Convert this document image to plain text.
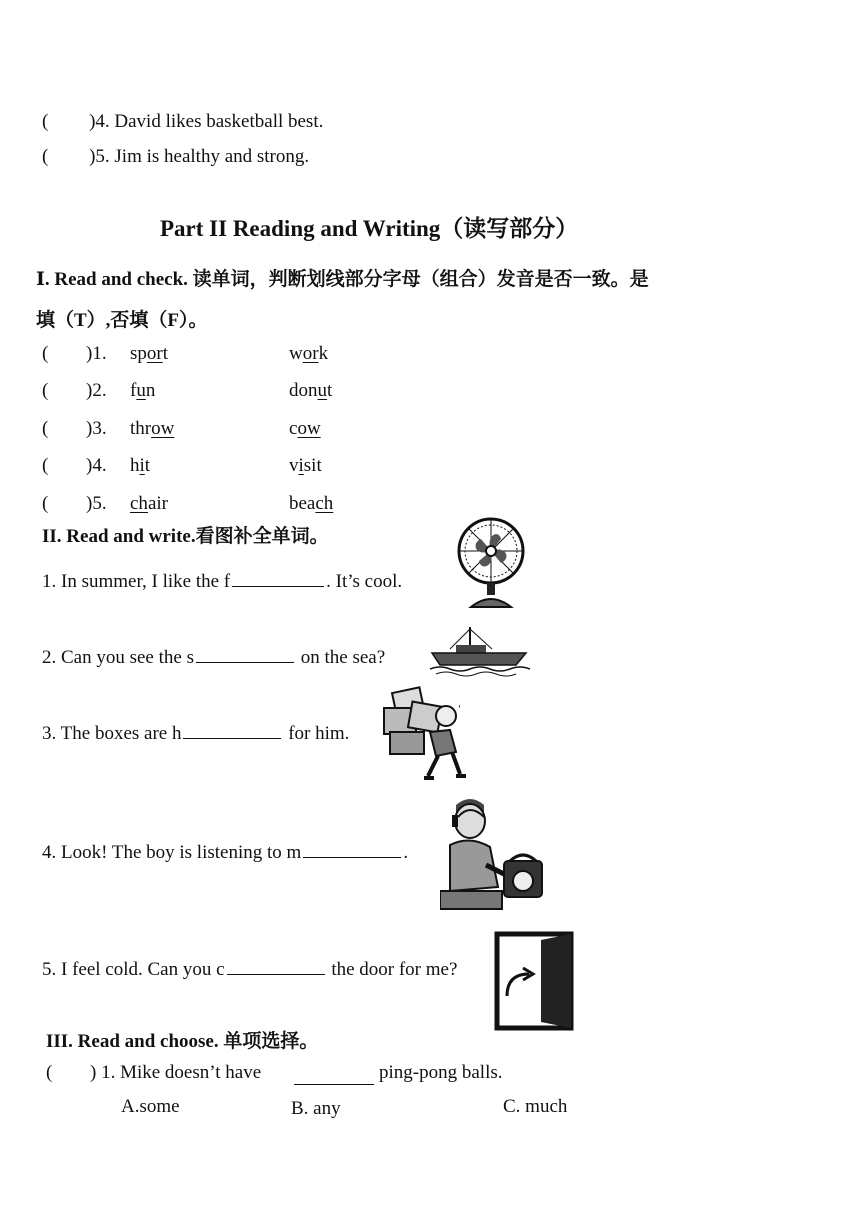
( )4. David likes basketball best.
( )5. Jim is healthy and strong.
Part II Reading and Writing（读写部分）
Ⅰ. Read and check. 读单词，判断划线部分字母（组合）发音是否一致。是
填（T）,否填（F）。
( )1. sport	work
( )2. fun	donut
( )3. throw	cow
( )4. hit	visit
( )5. chair	beach
II. Read and write.看图补全单词。
1. In summer, I like the f	. It’s cool.
2. Can you see the s	on the sea?
3. The boxes are h	for him.
'
4. Look! The boy is listening to m	.
5. I feel cold. Can you c	the door for me?
III. Read and choose. 单项选择。
( ) 1. Mike doesn’t have	ping-pong balls.
A.some	B. any	C. much
